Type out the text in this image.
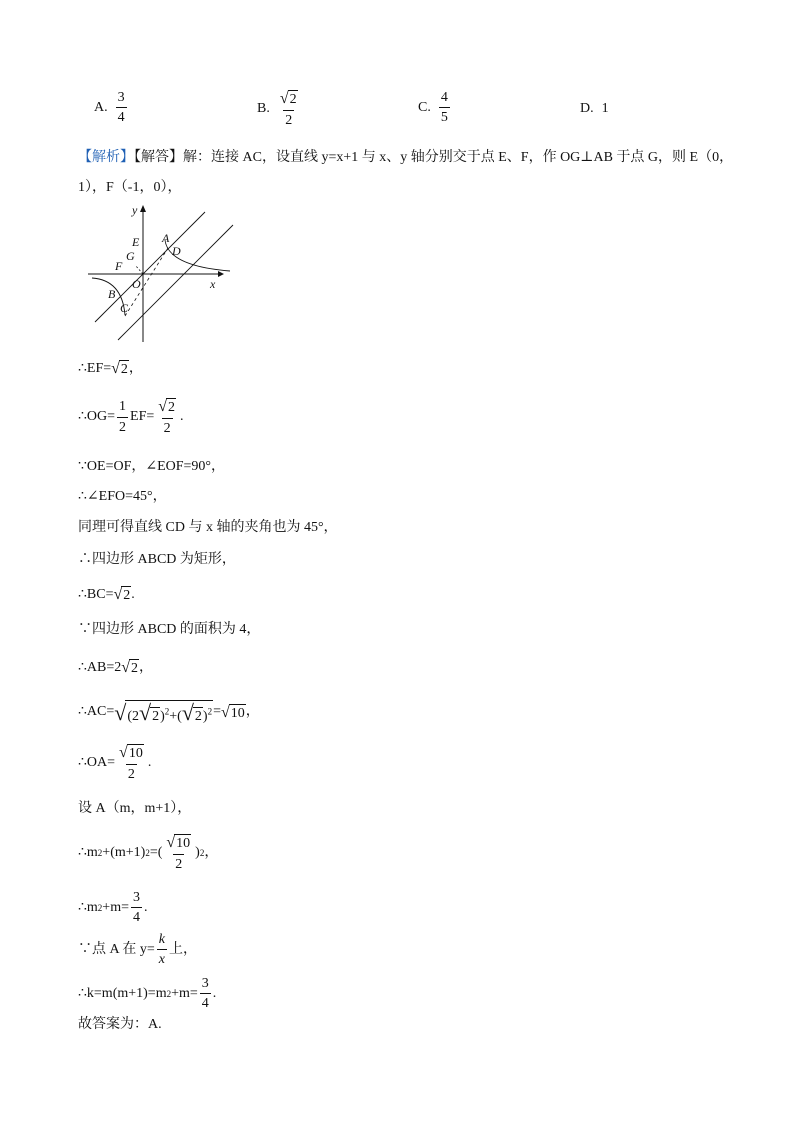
A. $\frac{3}{4}$	B. $\frac{√ 2}{2}$	C. $\frac{4}{5}$	D. 1
【解析】【解答】解：连接 AC，设直线 y=x+1 与 x、y 轴分别交于点 E、F，作 OG⊥AB 于点 G，则 E（0，
1），F（-1，0），
y
x
E A
G	D
F
O
B
C
∴EF= √ 2 ，
∴OG= $\frac{1}{2} EF= \frac{√ 2}{2}$ .
∵OE=OF，∠EOF=90°，
∴∠EFO=45°，
同理可得直线 CD 与 x 轴的夹角也为 45°，
∴四边形 ABCD 为矩形，
∴BC= √ 2 .
∵四边形 ABCD 的面积为 4，
∴AB=2 √ 2 ，
∴AC= √ (2 √ 2 )$^2$+( √ 2 )$^2$ = √ 10 ，
∴OA= $\frac{√ 10}{2}$ .
设 A（m，m+1），
∴m 2 +(m+1) 2 =( $\frac{√ 10}{2}$ ) 2 ，
∴m $2 +m= \frac{3}{4}$ .
∵点 A 在 $y= \frac{k}{x}$ 上，
∴k=m(m+1)=m $2 +m= \frac{3}{4}$ .
故答案为：A.
